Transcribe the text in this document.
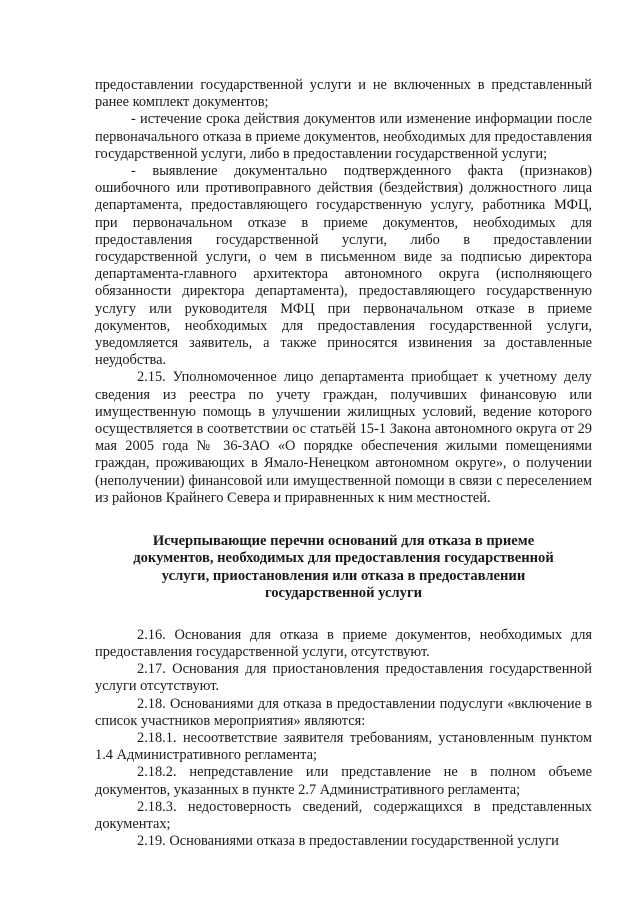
предоставлении государственной услуги и не включенных в представленный ранее комплект документов;

- истечение срока действия документов или изменение информации после первоначального отказа в приеме документов, необходимых для предоставления государственной услуги, либо в предоставлении государственной услуги;

- выявление документально подтвержденного факта (признаков) ошибочного или противоправного действия (бездействия) должностного лица департамента, предоставляющего государственную услугу, работника МФЦ, при первоначальном отказе в приеме документов, необходимых для предоставления государственной услуги, либо в предоставлении государственной услуги, о чем в письменном виде за подписью директора департамента-главного архитектора автономного округа (исполняющего обязанности директора департамента), предоставляющего государственную услугу или руководителя МФЦ при первоначальном отказе в приеме документов, необходимых для предоставления государственной услуги, уведомляется заявитель, а также приносятся извинения за доставленные неудобства.

2.15. Уполномоченное лицо департамента приобщает к учетному делу сведения из реестра по учету граждан, получивших финансовую или имущественную помощь в улучшении жилищных условий, ведение которого осуществляется в соответствии ос статьёй 15-1 Закона автономного округа от 29 мая 2005 года № 36-ЗАО «О порядке обеспечения жилыми помещениями граждан, проживающих в Ямало-Ненецком автономном округе», о получении (неполучении) финансовой или имущественной помощи в связи с переселением из районов Крайнего Севера и приравненных к ним местностей.

Исчерпывающие перечни оснований для отказа в приеме
документов, необходимых для предоставления государственной
услуги, приостановления или отказа в предоставлении
государственной услуги

2.16. Основания для отказа в приеме документов, необходимых для предоставления государственной услуги, отсутствуют.

2.17. Основания для приостановления предоставления государственной услуги отсутствуют.

2.18. Основаниями для отказа в предоставлении подуслуги «включение в список участников мероприятия» являются:

2.18.1. несоответствие заявителя требованиям, установленным пунктом 1.4 Административного регламента;

2.18.2. непредставление или представление не в полном объеме документов, указанных в пункте 2.7 Административного регламента;

2.18.3. недостоверность сведений, содержащихся в представленных документах;

2.19. Основаниями отказа в предоставлении государственной услуги
